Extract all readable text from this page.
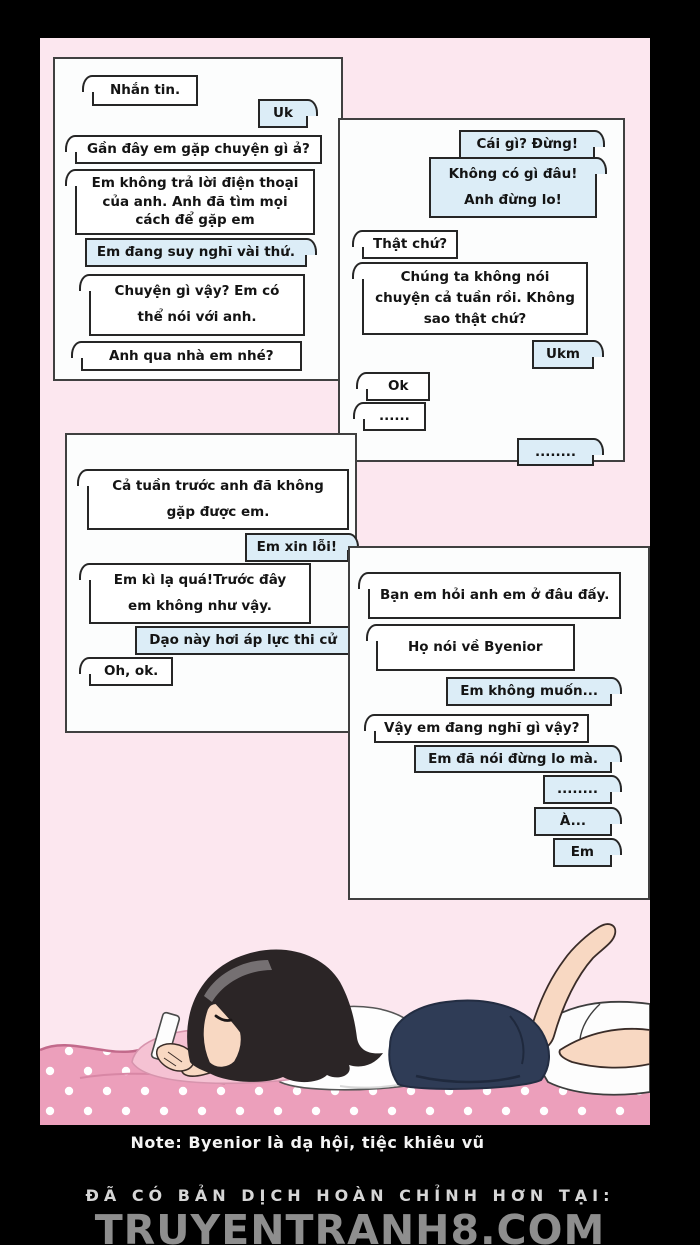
Nhắn tin.
Uk
Gần đây em gặp chuyện gì ả?
Em không trả lời điện thoại của anh. Anh đã tìm mọi cách để gặp em
Em đang suy nghĩ vài thứ.
Chuyện gì vậy? Em có thể nói với anh.
Anh qua nhà em nhé?
Cái gì? Đừng!
Không có gì đâu! Anh đừng lo!
Thật chứ?
Chúng ta không nói chuyện cả tuần rồi. Không sao thật chứ?
Ukm
Ok
......
........
Cả tuần trước anh đã không gặp được em.
Em xin lỗi!
Em kì lạ quá!Trước đây em không như vậy.
Dạo này hơi áp lực thi cử
Oh, ok.
Bạn em hỏi anh em ở đâu đấy.
Họ nói về Byenior
Em không muốn...
Vậy em đang nghĩ gì vậy?
Em đã nói đừng lo mà.
........
À...
Em
Note: Byenior là dạ hội, tiệc khiêu vũ
ĐÃ CÓ BẢN DỊCH HOÀN CHỈNH HƠN TẠI:
TRUYENTRANH8.COM
